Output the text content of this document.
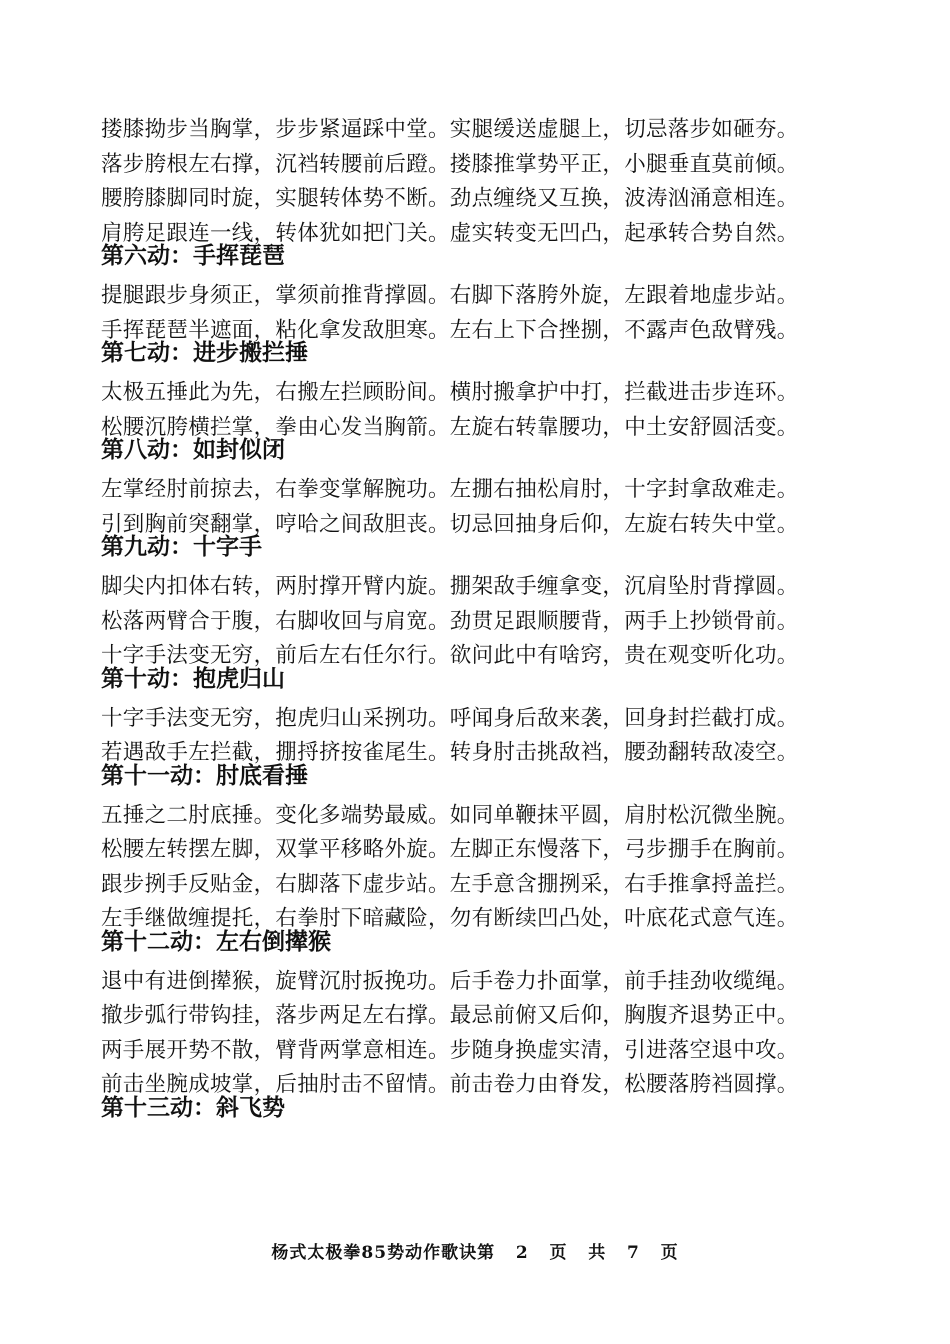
搂膝拗步当胸掌，步步紧逼踩中堂。实腿缓送虚腿上，切忌落步如砸夯。
落步胯根左右撑，沉裆转腰前后蹬。搂膝推掌势平正，小腿垂直莫前倾。
腰胯膝脚同时旋，实腿转体势不断。劲点缠绕又互换，波涛汹涌意相连。
肩胯足跟连一线，转体犹如把门关。虚实转变无凹凸，起承转合势自然。
第六动：手挥琵琶
提腿跟步身须正，掌须前推背撑圆。右脚下落胯外旋，左跟着地虚步站。
手挥琵琶半遮面，粘化拿发敌胆寒。左右上下合挫捌，不露声色敌臂残。
第七动：进步搬拦捶
太极五捶此为先，右搬左拦顾盼间。横肘搬拿护中打，拦截进击步连环。
松腰沉胯横拦掌，拳由心发当胸箭。左旋右转靠腰功，中土安舒圆活变。
第八动：如封似闭
左掌经肘前掠去，右拳变掌解腕功。左掤右抽松肩肘，十字封拿敌难走。
引到胸前突翻掌，哼哈之间敌胆丧。切忌回抽身后仰，左旋右转失中堂。
第九动：十字手
脚尖内扣体右转，两肘撑开臂内旋。掤架敌手缠拿变，沉肩坠肘背撑圆。
松落两臂合于腹，右脚收回与肩宽。劲贯足跟顺腰背，两手上抄锁骨前。
十字手法变无穷，前后左右任尔行。欲问此中有啥窍，贵在观变听化功。
第十动：抱虎归山
十字手法变无穷，抱虎归山采挒功。呼闻身后敌来袭，回身封拦截打成。
若遇敌手左拦截，掤捋挤按雀尾生。转身肘击挑敌裆，腰劲翻转敌凌空。
第十一动：肘底看捶
五捶之二肘底捶。变化多端势最威。如同单鞭抹平圆，肩肘松沉微坐腕。
松腰左转摆左脚，双掌平移略外旋。左脚正东慢落下，弓步掤手在胸前。
跟步挒手反贴金，右脚落下虚步站。左手意含掤挒采，右手推拿捋盖拦。
左手继做缠提托，右拳肘下暗藏险，勿有断续凹凸处，叶底花式意气连。
第十二动：左右倒撵猴
退中有进倒撵猴，旋臂沉肘扳挽功。后手卷力扑面掌，前手挂劲收缆绳。
撤步弧行带钩挂，落步两足左右撑。最忌前俯又后仰，胸腹齐退势正中。
两手展开势不散，臂背两掌意相连。步随身换虚实清，引进落空退中攻。
前击坐腕成坡掌，后抽肘击不留情。前击卷力由脊发，松腰落胯裆圆撑。
第十三动：斜飞势
杨式太极拳85势动作歌诀第 2 页 共 7 页
